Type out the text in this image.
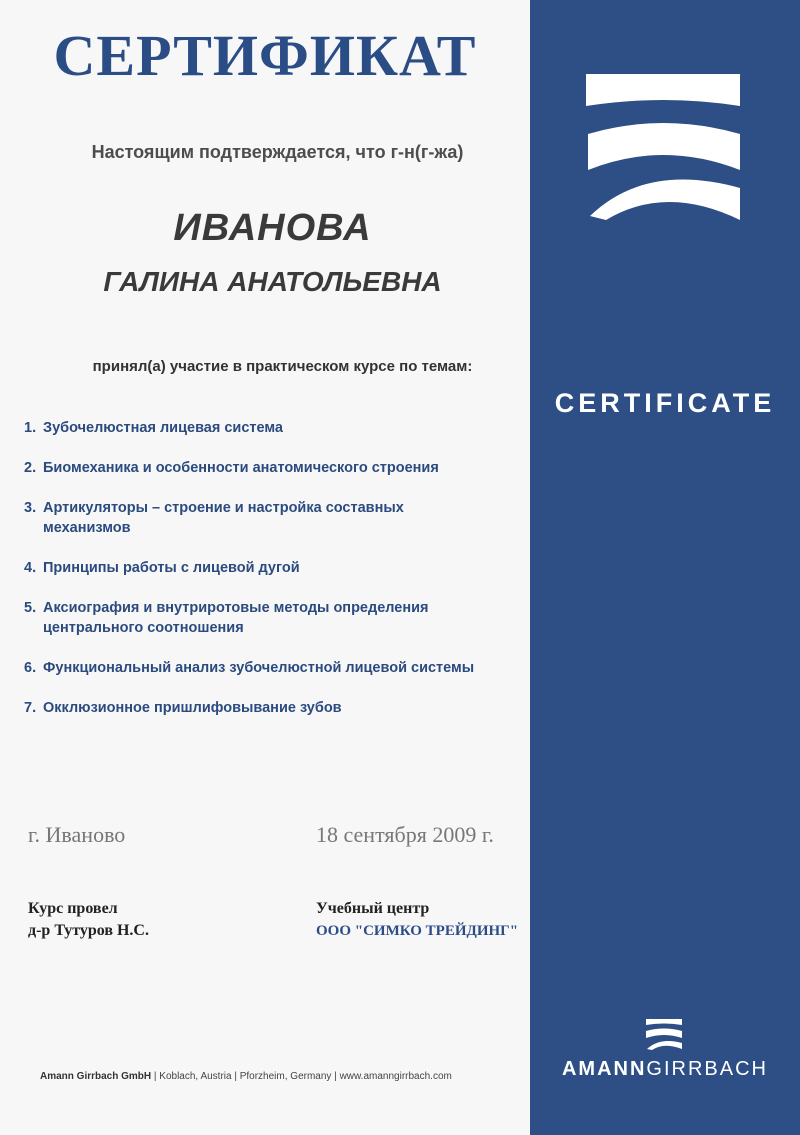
СЕРТИФИКАТ
Настоящим подтверждается, что г-н(г-жа)
ИВАНОВА
ГАЛИНА АНАТОЛЬЕВНА
принял(а) участие в практическом курсе по темам:
1. Зубочелюстная лицевая система
2. Биомеханика и особенности анатомического строения
3. Артикуляторы – строение и настройка составных механизмов
4. Принципы работы с лицевой дугой
5. Аксиография и внутриротовые методы определения центрального соотношения
6. Функциональный анализ зубочелюстной лицевой системы
7. Окклюзионное пришлифовывание зубов
г. Иваново	18 сентября 2009 г.
Курс провел
д-р Тутуров Н.С.
Учебный центр
ООО "СИМКО ТРЕЙДИНГ"
Amann Girrbach GmbH | Koblach, Austria | Pforzheim, Germany | www.amanngirrbach.com
CERTIFICATE
AMANNGIRRBACH
